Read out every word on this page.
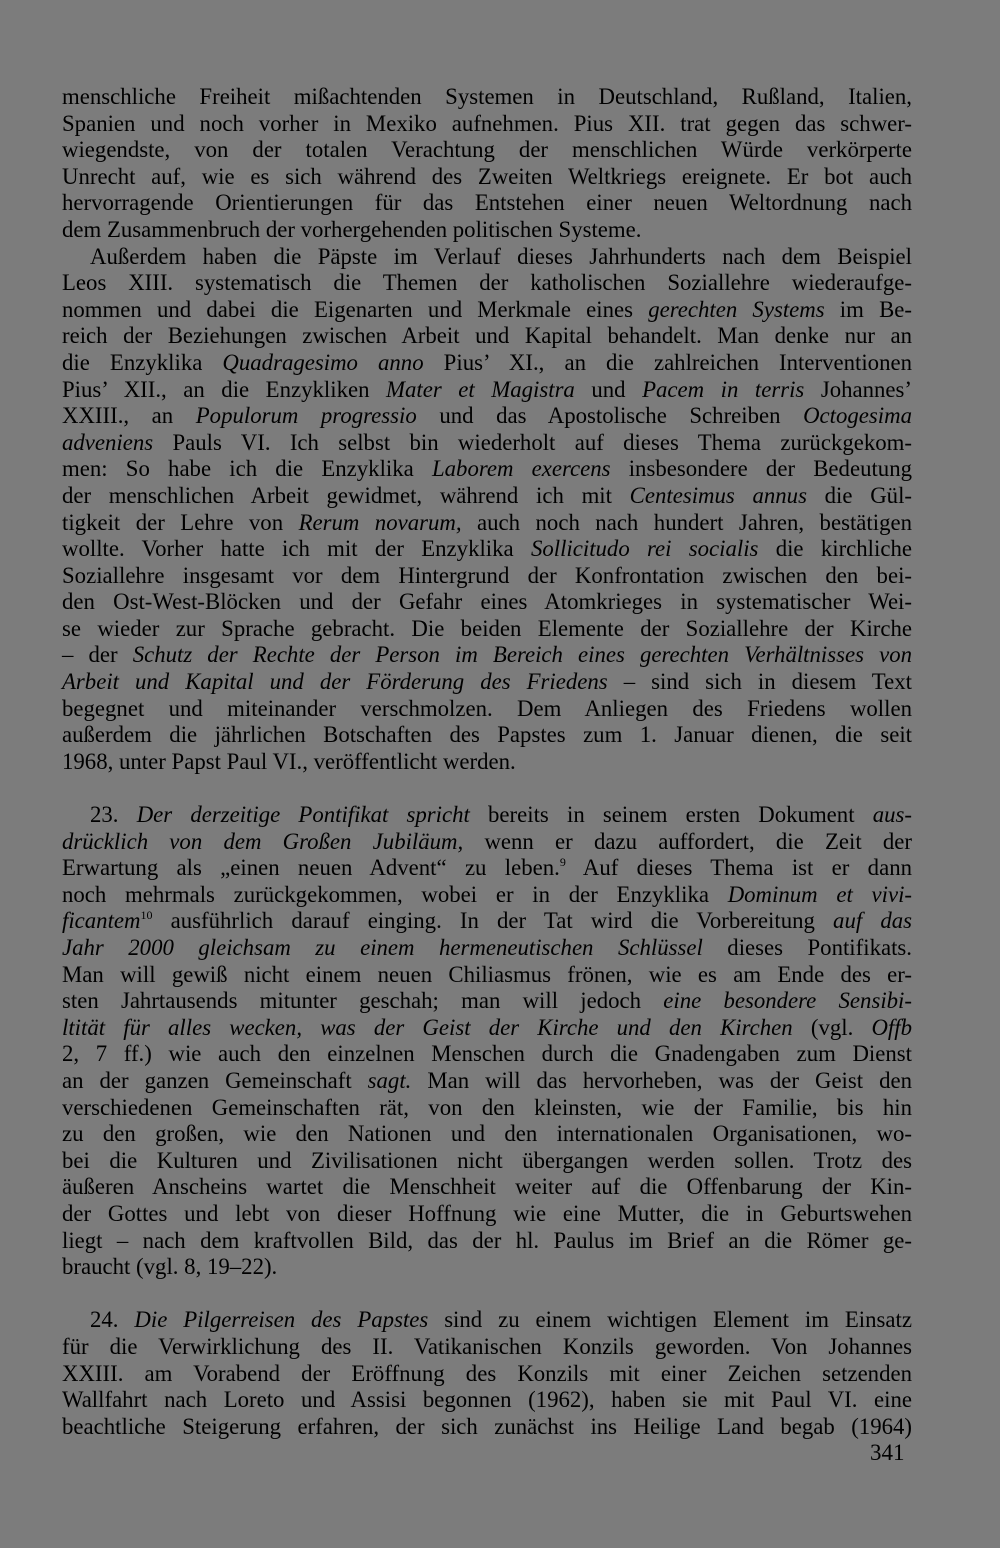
menschliche Freiheit mißachtenden Systemen in Deutschland, Rußland, Italien,
Spanien und noch vorher in Mexiko aufnehmen. Pius XII. trat gegen das schwer-
wiegendste, von der totalen Verachtung der menschlichen Würde verkörperte
Unrecht auf, wie es sich während des Zweiten Weltkriegs ereignete. Er bot auch
hervorragende Orientierungen für das Entstehen einer neuen Weltordnung nach
dem Zusammenbruch der vorhergehenden politischen Systeme.
Außerdem haben die Päpste im Verlauf dieses Jahrhunderts nach dem Beispiel
Leos XIII. systematisch die Themen der katholischen Soziallehre wiederaufge-
nommen und dabei die Eigenarten und Merkmale eines gerechten Systems im Be-
reich der Beziehungen zwischen Arbeit und Kapital behandelt. Man denke nur an
die Enzyklika Quadragesimo anno Pius’ XI., an die zahlreichen Interventionen
Pius’ XII., an die Enzykliken Mater et Magistra und Pacem in terris Johannes’
XXIII., an Populorum progressio und das Apostolische Schreiben Octogesima
adveniens Pauls VI. Ich selbst bin wiederholt auf dieses Thema zurückgekom-
men: So habe ich die Enzyklika Laborem exercens insbesondere der Bedeutung
der menschlichen Arbeit gewidmet, während ich mit Centesimus annus die Gül-
tigkeit der Lehre von Rerum novarum, auch noch nach hundert Jahren, bestätigen
wollte. Vorher hatte ich mit der Enzyklika Sollicitudo rei socialis die kirchliche
Soziallehre insgesamt vor dem Hintergrund der Konfrontation zwischen den bei-
den Ost-West-Blöcken und der Gefahr eines Atomkrieges in systematischer Wei-
se wieder zur Sprache gebracht. Die beiden Elemente der Soziallehre der Kirche
– der Schutz der Rechte der Person im Bereich eines gerechten Verhältnisses von
Arbeit und Kapital und der Förderung des Friedens – sind sich in diesem Text
begegnet und miteinander verschmolzen. Dem Anliegen des Friedens wollen
außerdem die jährlichen Botschaften des Papstes zum 1. Januar dienen, die seit
1968, unter Papst Paul VI., veröffentlicht werden.
23. Der derzeitige Pontifikat spricht bereits in seinem ersten Dokument aus-
drücklich von dem Großen Jubiläum, wenn er dazu auffordert, die Zeit der
Erwartung als „einen neuen Advent“ zu leben.$^9$ Auf dieses Thema ist er dann
noch mehrmals zurückgekommen, wobei er in der Enzyklika Dominum et vivi-
ficantem$^{10}$ ausführlich darauf einging. In der Tat wird die Vorbereitung auf das
Jahr 2000 gleichsam zu einem hermeneutischen Schlüssel dieses Pontifikats.
Man will gewiß nicht einem neuen Chiliasmus frönen, wie es am Ende des er-
sten Jahrtausends mitunter geschah; man will jedoch eine besondere Sensibi-
ltität für alles wecken, was der Geist der Kirche und den Kirchen (vgl. Offb
2, 7 ff.) wie auch den einzelnen Menschen durch die Gnadengaben zum Dienst
an der ganzen Gemeinschaft sagt. Man will das hervorheben, was der Geist den
verschiedenen Gemeinschaften rät, von den kleinsten, wie der Familie, bis hin
zu den großen, wie den Nationen und den internationalen Organisationen, wo-
bei die Kulturen und Zivilisationen nicht übergangen werden sollen. Trotz des
äußeren Anscheins wartet die Menschheit weiter auf die Offenbarung der Kin-
der Gottes und lebt von dieser Hoffnung wie eine Mutter, die in Geburtswehen
liegt – nach dem kraftvollen Bild, das der hl. Paulus im Brief an die Römer ge-
braucht (vgl. 8, 19–22).
24. Die Pilgerreisen des Papstes sind zu einem wichtigen Element im Einsatz
für die Verwirklichung des II. Vatikanischen Konzils geworden. Von Johannes
XXIII. am Vorabend der Eröffnung des Konzils mit einer Zeichen setzenden
Wallfahrt nach Loreto und Assisi begonnen (1962), haben sie mit Paul VI. eine
beachtliche Steigerung erfahren, der sich zunächst ins Heilige Land begab (1964)
341
